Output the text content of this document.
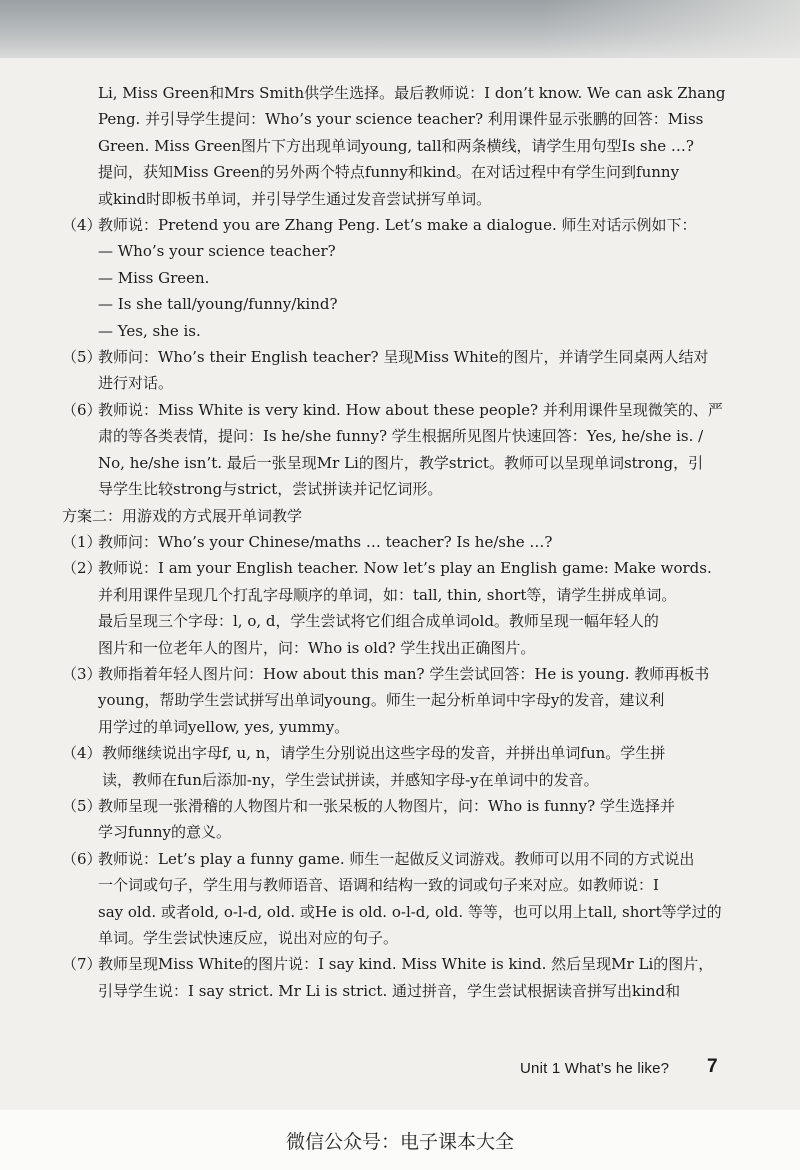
Li, Miss Green和Mrs Smith供学生选择。最后教师说：I don’t know. We can ask Zhang
Peng. 并引导学生提问：Who’s your science teacher? 利用课件显示张鹏的回答：Miss
Green. Miss Green图片下方出现单词young, tall和两条横线，请学生用句型Is she …?
提问，获知Miss Green的另外两个特点funny和kind。在对话过程中有学生问到funny
或kind时即板书单词，并引导学生通过发音尝试拼写单词。
（4）
教师说：Pretend you are Zhang Peng. Let’s make a dialogue. 师生对话示例如下：
— Who’s your science teacher?
— Miss Green.
— Is she tall/young/funny/kind?
— Yes, she is.
（5）
教师问：Who’s their English teacher? 呈现Miss White的图片，并请学生同桌两人结对
进行对话。
（6）
教师说：Miss White is very kind. How about these people? 并利用课件呈现微笑的、严
肃的等各类表情，提问：Is he/she funny? 学生根据所见图片快速回答：Yes, he/she is. /
No, he/she isn’t. 最后一张呈现Mr Li的图片，教学strict。教师可以呈现单词strong，引
导学生比较strong与strict，尝试拼读并记忆词形。
方案二：用游戏的方式展开单词教学
（1）
教师问：Who’s your Chinese/maths … teacher? Is he/she …?
（2）
教师说：I am your English teacher. Now let’s play an English game: Make words.
并利用课件呈现几个打乱字母顺序的单词，如：tall, thin, short等，请学生拼成单词。
最后呈现三个字母：l, o, d，学生尝试将它们组合成单词old。教师呈现一幅年轻人的
图片和一位老年人的图片，问：Who is old? 学生找出正确图片。
（3）
教师指着年轻人图片问：How about this man? 学生尝试回答：He is young. 教师再板书
young，帮助学生尝试拼写出单词young。师生一起分析单词中字母y的发音，建议利
用学过的单词yellow, yes, yummy。
（4） 教师继续说出字母f, u, n，请学生分别说出这些字母的发音，并拼出单词fun。学生拼
读，教师在fun后添加-ny，学生尝试拼读，并感知字母-y在单词中的发音。
（5）
教师呈现一张滑稽的人物图片和一张呆板的人物图片，问：Who is funny? 学生选择并
学习funny的意义。
（6）
教师说：Let’s play a funny game. 师生一起做反义词游戏。教师可以用不同的方式说出
一个词或句子，学生用与教师语音、语调和结构一致的词或句子来对应。如教师说：I
say old. 或者old, o-l-d, old. 或He is old. o-l-d, old. 等等，也可以用上tall, short等学过的
单词。学生尝试快速反应，说出对应的句子。
（7）
教师呈现Miss White的图片说：I say kind. Miss White is kind. 然后呈现Mr Li的图片，
引导学生说：I say strict. Mr Li is strict. 通过拼音，学生尝试根据读音拼写出kind和
Unit 1 What’s he like? 7
微信公众号：电子课本大全
